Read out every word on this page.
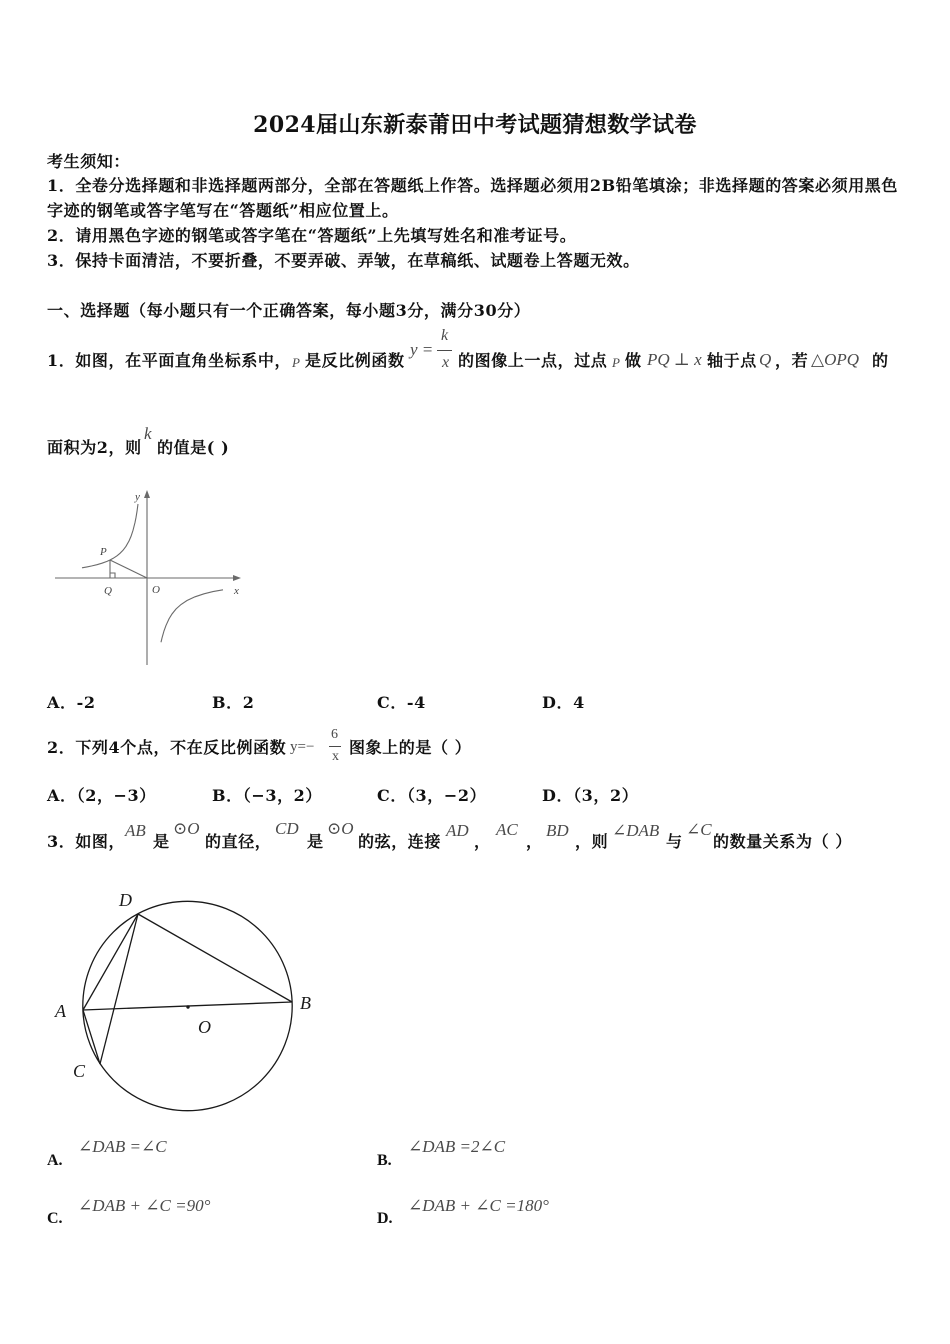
2024届山东新泰莆田中考试题猜想数学试卷
考生须知：
1．全卷分选择题和非选择题两部分，全部在答题纸上作答。选择题必须用2B铅笔填涂；非选择题的答案必须用黑色
字迹的钢笔或答字笔写在“答题纸”相应位置上。
2．请用黑色字迹的钢笔或答字笔在“答题纸”上先填写姓名和准考证号。
3．保持卡面清洁，不要折叠，不要弄破、弄皱，在草稿纸、试题卷上答题无效。
一、选择题（每小题只有一个正确答案，每小题3分，满分30分）
1．如图，在平面直角坐标系中， P 是反比例函数
y =
k
x 的图像上一点，过点 P 做 PQ ⊥ x 轴于点 Q ，若 △OPQ 的
面积为2，则
k
的值是( )
y
x
O
P
Q
A．-2	B．2	C．-4	D．4
2．下列4个点，不在反比例函数 y=−
6
x 图象上的是（ ）
A．（2，−3）	B．（−3，2）	C．（3，−2）	D．（3，2）
3．如图，
AB
是
⊙O
的直径，
CD
是
⊙O
的弦，连接
AD
，
AC
，
BD
，则
∠DAB
与
∠C
的数量关系为（ ）
D
A	B
C
O
A.
∠DAB =∠C
B.
∠DAB =2∠C
C.
∠DAB + ∠C =90°
D.
∠DAB + ∠C =180°
